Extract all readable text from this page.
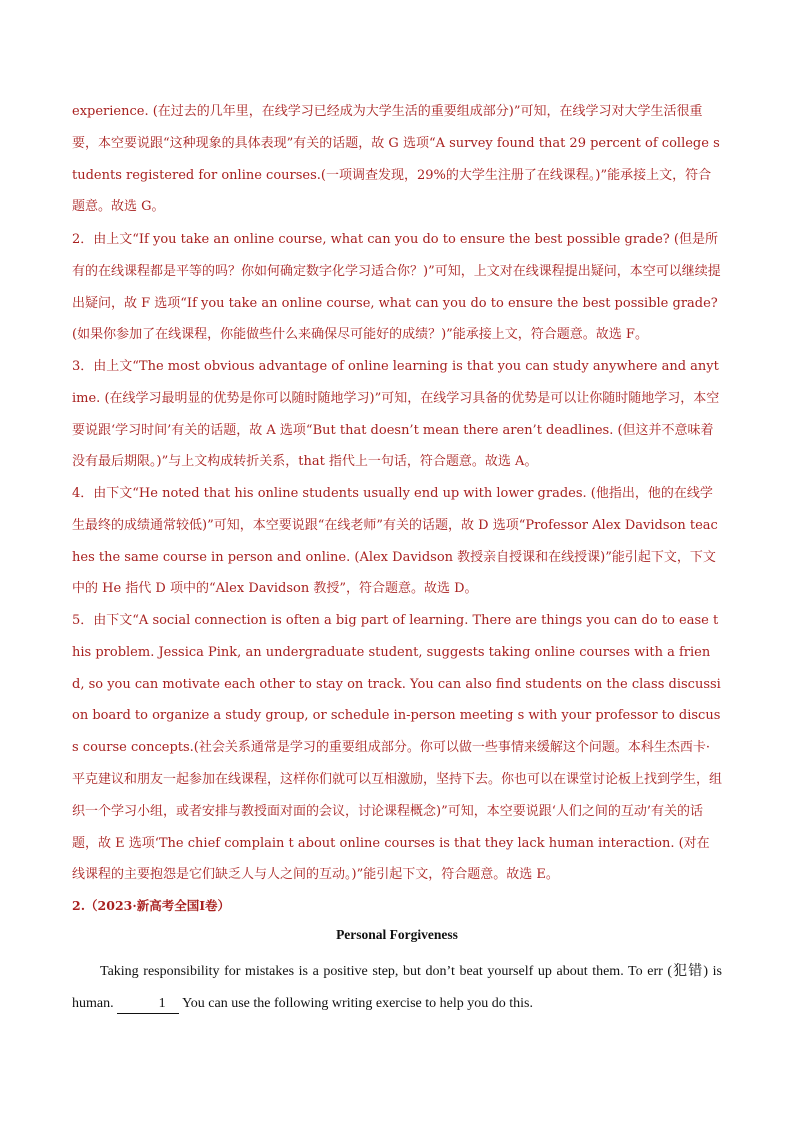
experience. (在过去的几年里，在线学习已经成为大学生活的重要组成部分)”可知，在线学习对大学生活很重要，本空要说跟“这种现象的具体表现”有关的话题，故 G 选项“A survey found that 29 percent of college students registered for online courses.(一项调查发现，29%的大学生注册了在线课程。)”能承接上文，符合题意。故选 G。
2．由上文“If you take an online course, what can you do to ensure the best possible grade? (但是所有的在线课程都是平等的吗？你如何确定数字化学习适合你？)”可知，上文对在线课程提出疑问，本空可以继续提出疑问，故 F 选项“If you take an online course, what can you do to ensure the best possible grade? (如果你参加了在线课程，你能做些什么来确保尽可能好的成绩？)”能承接上文，符合题意。故选 F。
3．由上文“The most obvious advantage of online learning is that you can study anywhere and anytime. (在线学习最明显的优势是你可以随时随地学习)”可知，在线学习具备的优势是可以让你随时随地学习，本空要说跟‘学习时间’有关的话题，故 A 选项“But that doesn’t mean there aren’t deadlines. (但这并不意味着没有最后期限。)”与上文构成转折关系，that 指代上一句话，符合题意。故选 A。
4．由下文“He noted that his online students usually end up with lower grades. (他指出，他的在线学生最终的成绩通常较低)”可知，本空要说跟“在线老师”有关的话题，故 D 选项“Professor Alex Davidson teaches the same course in person and online. (Alex Davidson 教授亲自授课和在线授课)”能引起下文，下文中的 He 指代 D 项中的“Alex Davidson 教授”，符合题意。故选 D。
5．由下文“A social connection is often a big part of learning. There are things you can do to ease this problem. Jessica Pink, an undergraduate student, suggests taking online courses with a friend, so you can motivate each other to stay on track. You can also find students on the class discussion board to organize a study group, or schedule in-person meeting s with your professor to discuss course concepts.(社会关系通常是学习的重要组成部分。你可以做一些事情来缓解这个问题。本科生杰西卡·平克建议和朋友一起参加在线课程，这样你们就可以互相激励，坚持下去。你也可以在课堂讨论板上找到学生，组织一个学习小组，或者安排与教授面对面的会议，讨论课程概念)”可知，本空要说跟‘人们之间的互动’有关的话题，故 E 选项‘The chief complain t about online courses is that they lack human interaction. (对在线课程的主要抱怨是它们缺乏人与人之间的互动。)”能引起下文，符合题意。故选 E。
2.（2023·新高考全国Ⅰ卷）
Personal Forgiveness
Taking responsibility for mistakes is a positive step, but don’t beat yourself up about them. To err (犯错) is human.	1 You can use the following writing exercise to help you do this.
